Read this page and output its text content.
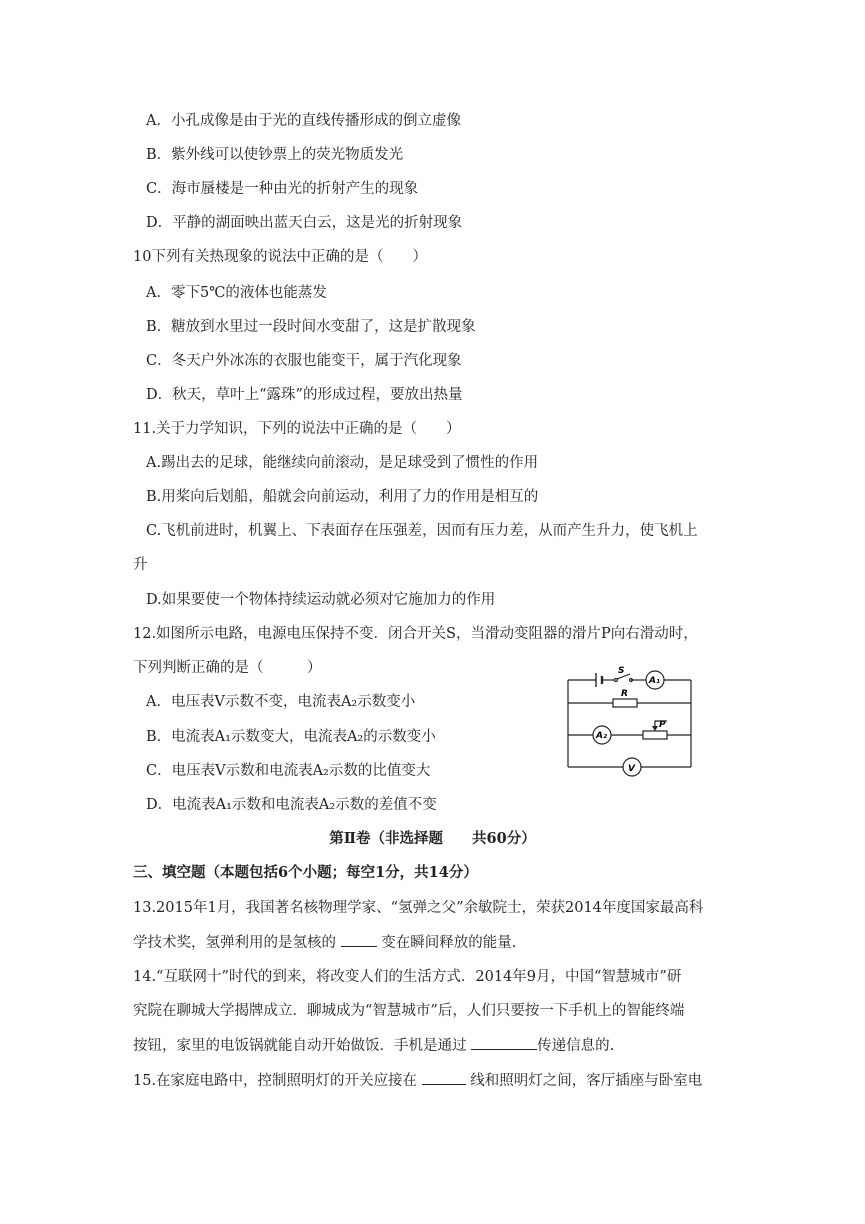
A．小孔成像是由于光的直线传播形成的倒立虚像
B．紫外线可以使钞票上的荧光物质发光
C．海市蜃楼是一种由光的折射产生的现象
D．平静的湖面映出蓝天白云，这是光的折射现象
10下列有关热现象的说法中正确的是（　　）
A．零下5℃的液体也能蒸发
B．糖放到水里过一段时间水变甜了，这是扩散现象
C．冬天户外冰冻的衣服也能变干，属于汽化现象
D．秋天，草叶上“露珠”的形成过程，要放出热量
11.关于力学知识，下列的说法中正确的是（　　）
A.踢出去的足球，能继续向前滚动，是足球受到了惯性的作用
B.用桨向后划船，船就会向前运动，利用了力的作用是相互的
C.飞机前进时，机翼上、下表面存在压强差，因而有压力差，从而产生升力，使飞机上
升
D.如果要使一个物体持续运动就必须对它施加力的作用
12.如图所示电路，电源电压保持不变．闭合开关S，当滑动变阻器的滑片P向右滑动时，
下列判断正确的是（　　　）
A．电压表V示数不变，电流表A₂示数变小
B．电流表A₁示数变大，电流表A₂的示数变小
C．电压表V示数和电流表A₂示数的比值变大
D．电流表A₁示数和电流表A₂示数的差值不变
S
A₁
R
A₂
P
V
第Ⅱ卷（非选择题　　共60分）
三、填空题（本题包括6个小题；每空1分，共14分）
13.2015年1月，我国著名核物理学家、“氢弹之父”余敏院士，荣获2014年度国家最高科
学技术奖，氢弹利用的是氢核的  变在瞬间释放的能量.
14.“互联网十”时代的到来，将改变人们的生活方式．2014年9月，中国“智慧城市”研
究院在聊城大学揭牌成立．聊城成为“智慧城市”后，人们只要按一下手机上的智能终端
按钮，家里的电饭锅就能自动开始做饭．手机是通过	传递信息的.
15.在家庭电路中，控制照明灯的开关应接在	线和照明灯之间，客厅插座与卧室电
